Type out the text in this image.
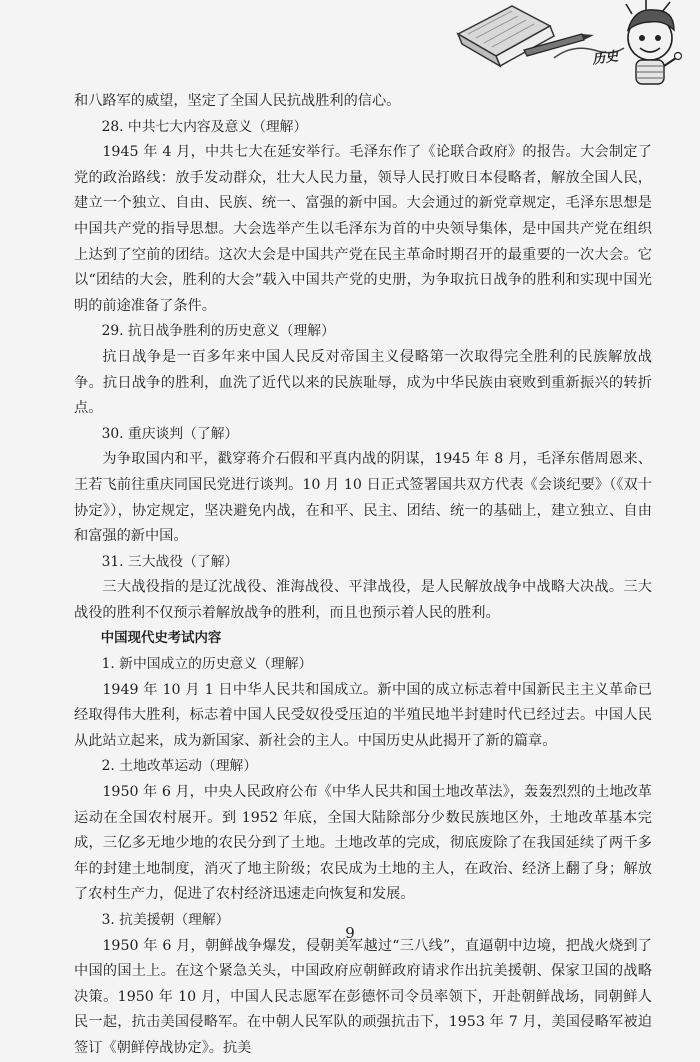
历史

和八路军的威望，坚定了全国人民抗战胜利的信心。

28. 中共七大内容及意义（理解）

1945 年 4 月，中共七大在延安举行。毛泽东作了《论联合政府》的报告。大会制定了党的政治路线：放手发动群众，壮大人民力量，领导人民打败日本侵略者，解放全国人民，建立一个独立、自由、民族、统一、富强的新中国。大会通过的新党章规定，毛泽东思想是中国共产党的指导思想。大会选举产生以毛泽东为首的中央领导集体，是中国共产党在组织上达到了空前的团结。这次大会是中国共产党在民主革命时期召开的最重要的一次大会。它以“团结的大会，胜利的大会”载入中国共产党的史册，为争取抗日战争的胜利和实现中国光明的前途准备了条件。

29. 抗日战争胜利的历史意义（理解）

抗日战争是一百多年来中国人民反对帝国主义侵略第一次取得完全胜利的民族解放战争。抗日战争的胜利，血洗了近代以来的民族耻辱，成为中华民族由衰败到重新振兴的转折点。

30. 重庆谈判（了解）

为争取国内和平，戳穿蒋介石假和平真内战的阴谋，1945 年 8 月，毛泽东偕周恩来、王若飞前往重庆同国民党进行谈判。10 月 10 日正式签署国共双方代表《会谈纪要》（《双十协定》），协定规定，坚决避免内战，在和平、民主、团结、统一的基础上，建立独立、自由和富强的新中国。

31. 三大战役（了解）

三大战役指的是辽沈战役、淮海战役、平津战役，是人民解放战争中战略大决战。三大战役的胜利不仅预示着解放战争的胜利，而且也预示着人民的胜利。

中国现代史考试内容

1. 新中国成立的历史意义（理解）

1949 年 10 月 1 日中华人民共和国成立。新中国的成立标志着中国新民主主义革命已经取得伟大胜利，标志着中国人民受奴役受压迫的半殖民地半封建时代已经过去。中国人民从此站立起来，成为新国家、新社会的主人。中国历史从此揭开了新的篇章。

2. 土地改革运动（理解）

1950 年 6 月，中央人民政府公布《中华人民共和国土地改革法》，轰轰烈烈的土地改革运动在全国农村展开。到 1952 年底，全国大陆除部分少数民族地区外，土地改革基本完成，三亿多无地少地的农民分到了土地。土地改革的完成，彻底废除了在我国延续了两千多年的封建土地制度，消灭了地主阶级；农民成为土地的主人，在政治、经济上翻了身；解放了农村生产力，促进了农村经济迅速走向恢复和发展。

3. 抗美援朝（理解）

1950 年 6 月，朝鲜战争爆发，侵朝美军越过“三八线”，直逼朝中边境，把战火烧到了中国的国土上。在这个紧急关头，中国政府应朝鲜政府请求作出抗美援朝、保家卫国的战略决策。1950 年 10 月，中国人民志愿军在彭德怀司令员率领下，开赴朝鲜战场，同朝鲜人民一起，抗击美国侵略军。在中朝人民军队的顽强抗击下，1953 年 7 月，美国侵略军被迫签订《朝鲜停战协定》。抗美

9
